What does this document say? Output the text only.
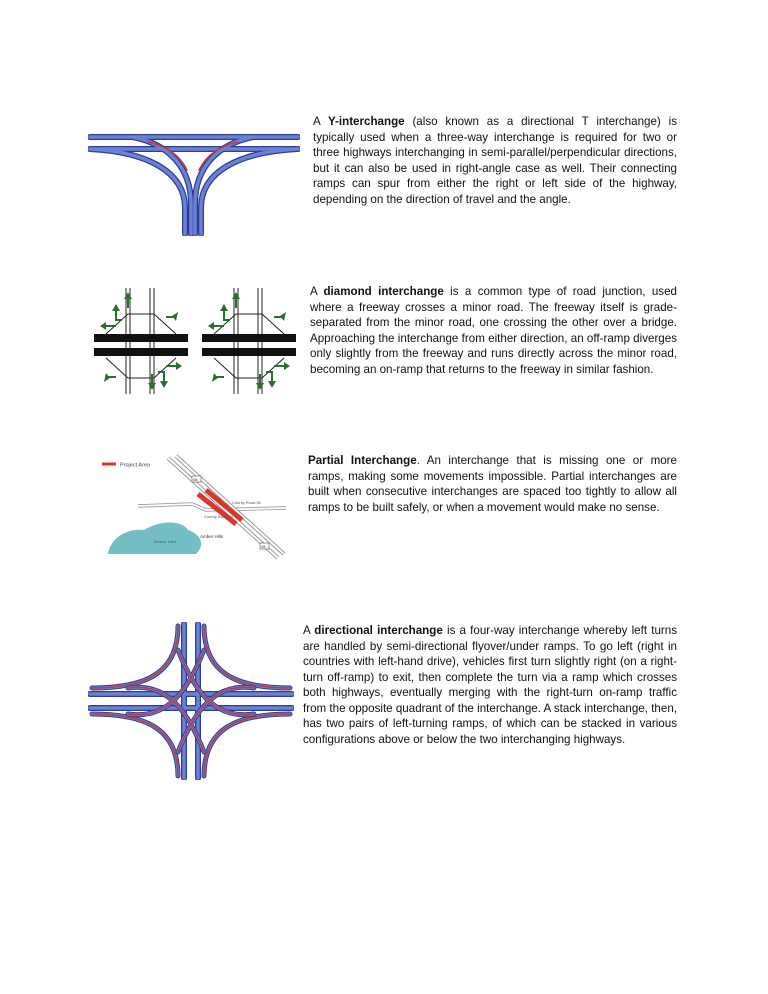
A Y-interchange (also known as a directional T interchange) is typically used when a three-way interchange is required for two or three highways interchanging in semi-parallel/perpendicular directions, but it can also be used in right-angle case as well. Their connecting ramps can spur from either the right or left side of the highway, depending on the direction of travel and the angle.

A diamond interchange is a common type of road junction, used where a freeway crosses a minor road. The freeway itself is grade-separated from the minor road, one crossing the other over a bridge. Approaching the interchange from either direction, an off-ramp diverges only slightly from the freeway and runs directly across the minor road, becoming an on-ramp that returns to the freeway in similar fashion.

Project Area
Beaver Lake
County Road 56
County Road 54
Amber Hills
65
65

Partial Interchange. An interchange that is missing one or more ramps, making some movements impossible. Partial interchanges are built when consecutive interchanges are spaced too tightly to allow all ramps to be built safely, or when a movement would make no sense.

A directional interchange is a four-way interchange whereby left turns are handled by semi-directional flyover/under ramps. To go left (right in countries with left-hand drive), vehicles first turn slightly right (on a right-turn off-ramp) to exit, then complete the turn via a ramp which crosses both highways, eventually merging with the right-turn on-ramp traffic from the opposite quadrant of the interchange. A stack interchange, then, has two pairs of left-turning ramps, of which can be stacked in various configurations above or below the two interchanging highways.
